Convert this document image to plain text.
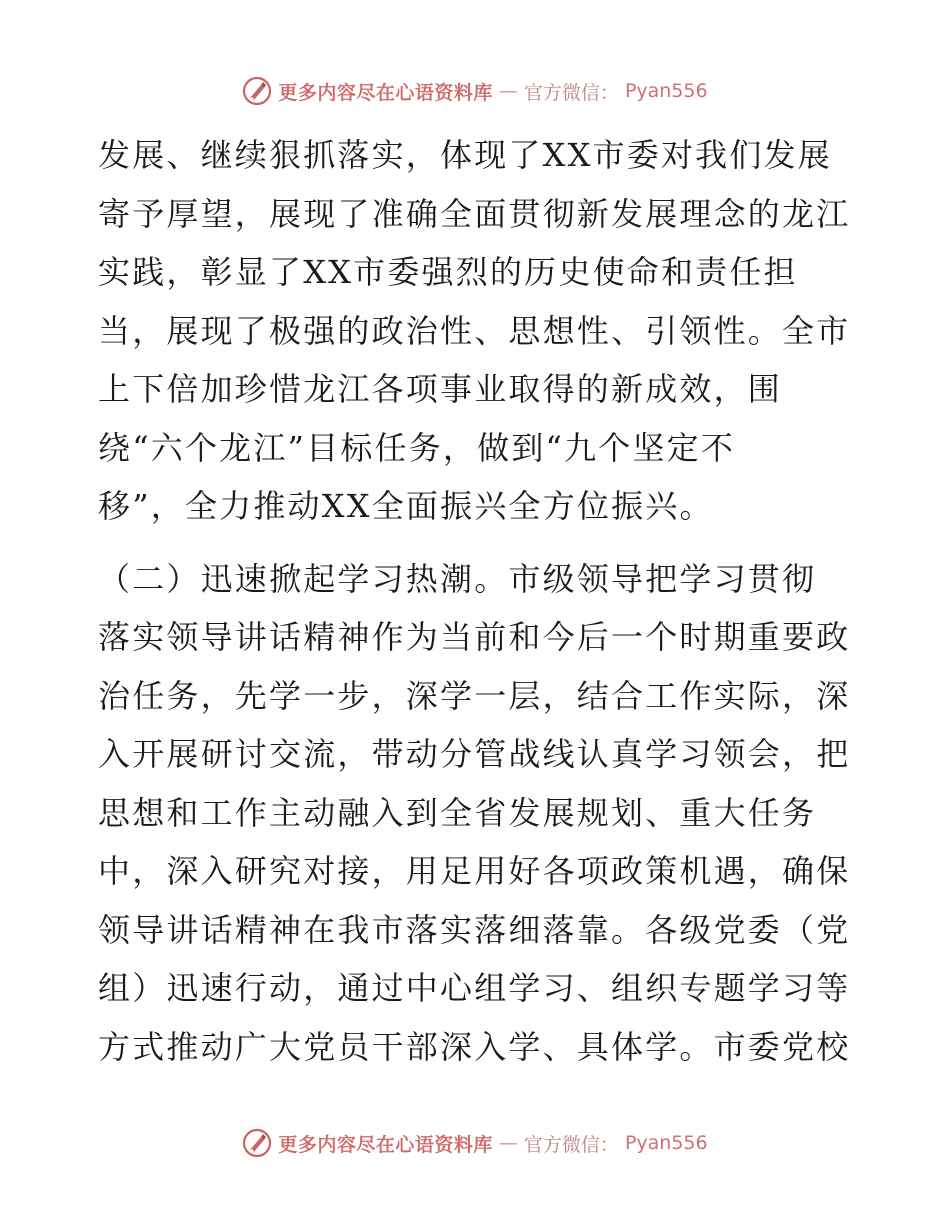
更多内容尽在心语资料库 — 官方微信： Pyan556
发展、继续狠抓落实，体现了XX市委对我们发展
寄予厚望，展现了准确全面贯彻新发展理念的龙江
实践，彰显了XX市委强烈的历史使命和责任担
当，展现了极强的政治性、思想性、引领性。全市
上下倍加珍惜龙江各项事业取得的新成效，围
绕“六个龙江”目标任务，做到“九个坚定不
移”，全力推动XX全面振兴全方位振兴。
（二）迅速掀起学习热潮。市级领导把学习贯彻
落实领导讲话精神作为当前和今后一个时期重要政
治任务，先学一步，深学一层，结合工作实际，深
入开展研讨交流，带动分管战线认真学习领会，把
思想和工作主动融入到全省发展规划、重大任务
中，深入研究对接，用足用好各项政策机遇，确保
领导讲话精神在我市落实落细落靠。各级党委（党
组）迅速行动，通过中心组学习、组织专题学习等
方式推动广大党员干部深入学、具体学。市委党校
更多内容尽在心语资料库 — 官方微信： Pyan556
